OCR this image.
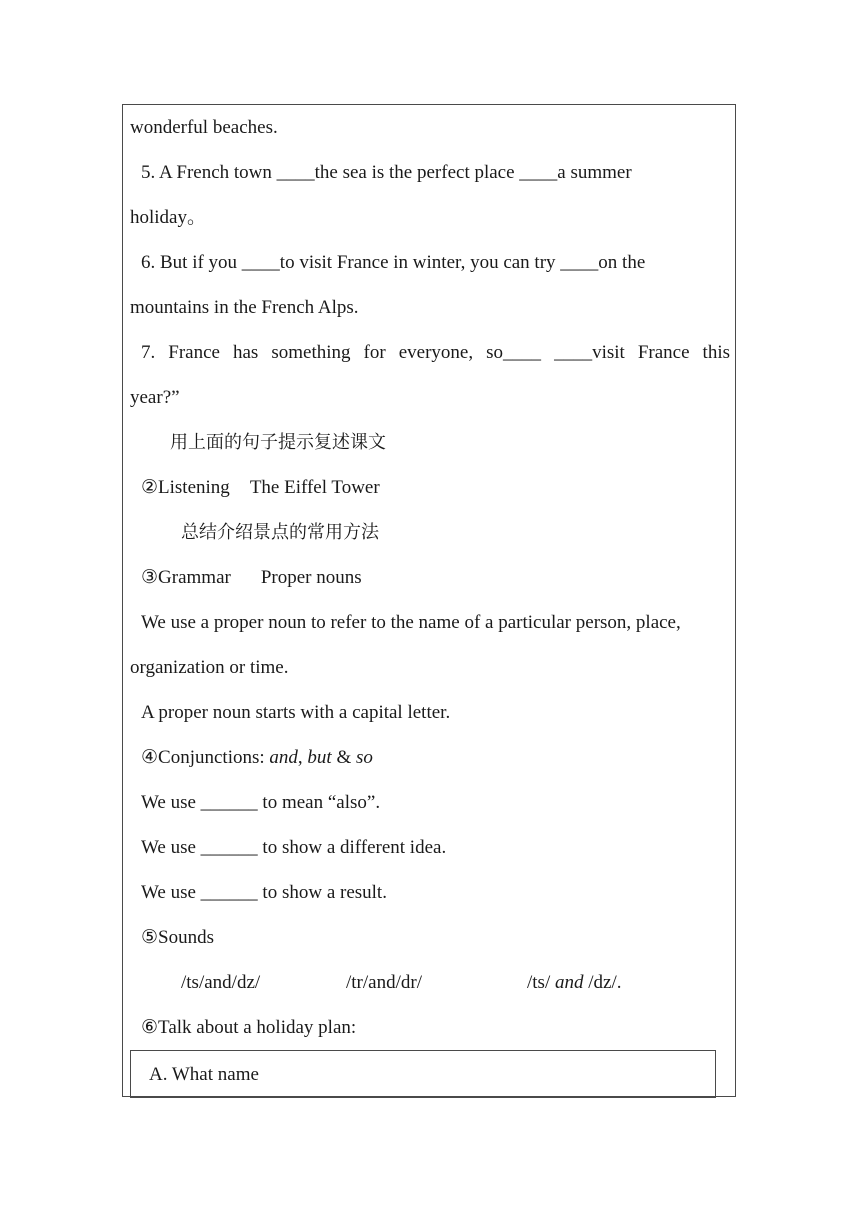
wonderful beaches.
5. A French town ____the sea is the perfect place ____a summer
holiday。
6. But if you ____to visit France in winter, you can try ____on the
mountains in the French Alps.
7. France has something for everyone, so____ ____visit France this
year?”
用上面的句子提示复述课文
②Listening The Eiffel Tower
总结介绍景点的常用方法
③Grammar Proper nouns
We use a proper noun to refer to the name of a particular person, place,
organization or time.
A proper noun starts with a capital letter.
④Conjunctions: and, but & so
We use ______ to mean “also”.
We use ______ to show a different idea.
We use ______ to show a result.
⑤Sounds
/ts/and/dz/	/tr/and/dr/	/ts/ and /dz/.
⑥Talk about a holiday plan:
A. What name
